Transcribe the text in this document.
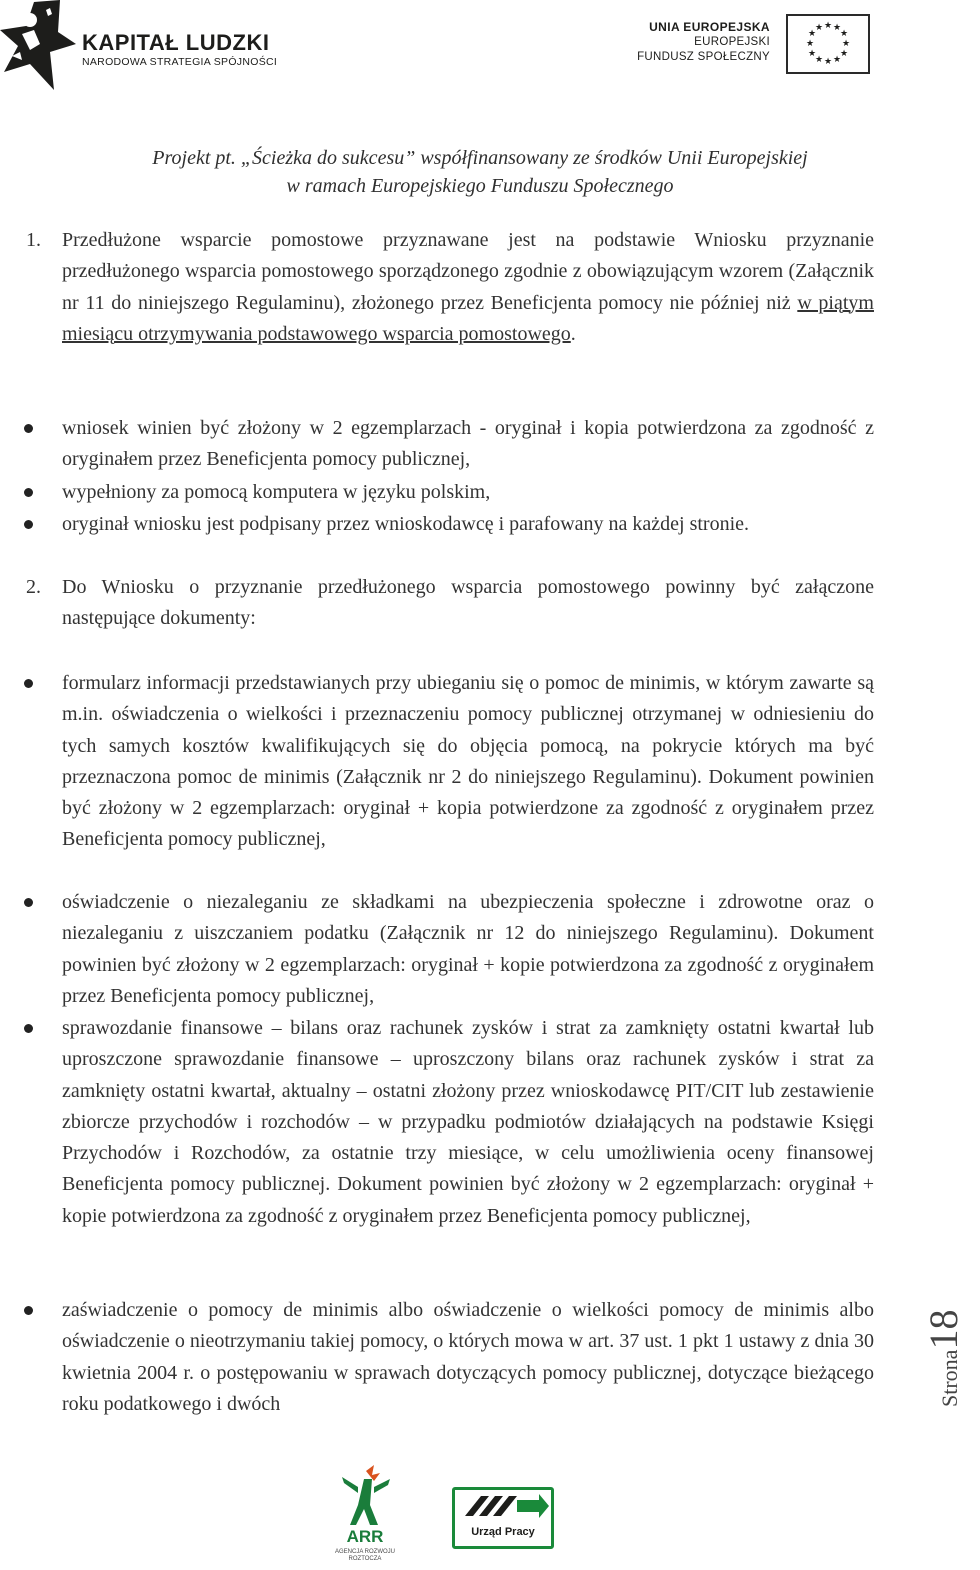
KAPITAŁ LUDZKI
NARODOWA STRATEGIA SPÓJNOŚCI
UNIA EUROPEJSKA
EUROPEJSKI
FUNDUSZ SPOŁECZNY
★ ★
★
★
★
★
★
★
★
★
★
★
Projekt pt. „Ścieżka do sukcesu” współfinansowany ze środków Unii Europejskiej
w ramach Europejskiego Funduszu Społecznego
1. Przedłużone wsparcie pomostowe przyznawane jest na podstawie Wniosku przyznanie przedłużonego wsparcia pomostowego sporządzonego zgodnie z obowiązującym wzorem (Załącznik nr 11 do niniejszego Regulaminu), złożonego przez Beneficjenta pomocy nie później niż w piątym miesiącu otrzymywania podstawowego wsparcia pomostowego.
wniosek winien być złożony w 2 egzemplarzach - oryginał i kopia potwierdzona za zgodność z oryginałem przez Beneficjenta pomocy publicznej,
wypełniony za pomocą komputera w języku polskim,
oryginał wniosku jest podpisany przez wnioskodawcę i parafowany na każdej stronie.
2. Do Wniosku o przyznanie przedłużonego wsparcia pomostowego powinny być załączone następujące dokumenty:
formularz informacji przedstawianych przy ubieganiu się o pomoc de minimis, w którym zawarte są m.in. oświadczenia o wielkości i przeznaczeniu pomocy publicznej otrzymanej w odniesieniu do tych samych kosztów kwalifikujących się do objęcia pomocą, na pokrycie których ma być przeznaczona pomoc de minimis (Załącznik nr 2 do niniejszego Regulaminu). Dokument powinien być złożony w 2 egzemplarzach: oryginał + kopia potwierdzone za zgodność z oryginałem przez Beneficjenta pomocy publicznej,
oświadczenie o niezaleganiu ze składkami na ubezpieczenia społeczne i zdrowotne oraz o niezaleganiu z uiszczaniem podatku (Załącznik nr 12 do niniejszego Regulaminu). Dokument powinien być złożony w 2 egzemplarzach: oryginał + kopie potwierdzona za zgodność z oryginałem przez Beneficjenta pomocy publicznej,
sprawozdanie finansowe – bilans oraz rachunek zysków i strat za zamknięty ostatni kwartał lub uproszczone sprawozdanie finansowe – uproszczony bilans oraz rachunek zysków i strat za zamknięty ostatni kwartał, aktualny – ostatni złożony przez wnioskodawcę PIT/CIT lub zestawienie zbiorcze przychodów i rozchodów – w przypadku podmiotów działających na podstawie Księgi Przychodów i Rozchodów, za ostatnie trzy miesiące, w celu umożliwienia oceny finansowej Beneficjenta pomocy publicznej. Dokument powinien być złożony w 2 egzemplarzach: oryginał + kopie potwierdzona za zgodność z oryginałem przez Beneficjenta pomocy publicznej,
zaświadczenie o pomocy de minimis albo oświadczenie o wielkości pomocy de minimis albo oświadczenie o nieotrzymaniu takiej pomocy, o których mowa w art. 37 ust. 1 pkt 1 ustawy z dnia 30 kwietnia 2004 r. o postępowaniu w sprawach dotyczących pomocy publicznej, dotyczące bieżącego roku podatkowego i dwóch	Strona18
ARR
AGENCJA ROZWOJU ROZTOCZA
Urząd Pracy
